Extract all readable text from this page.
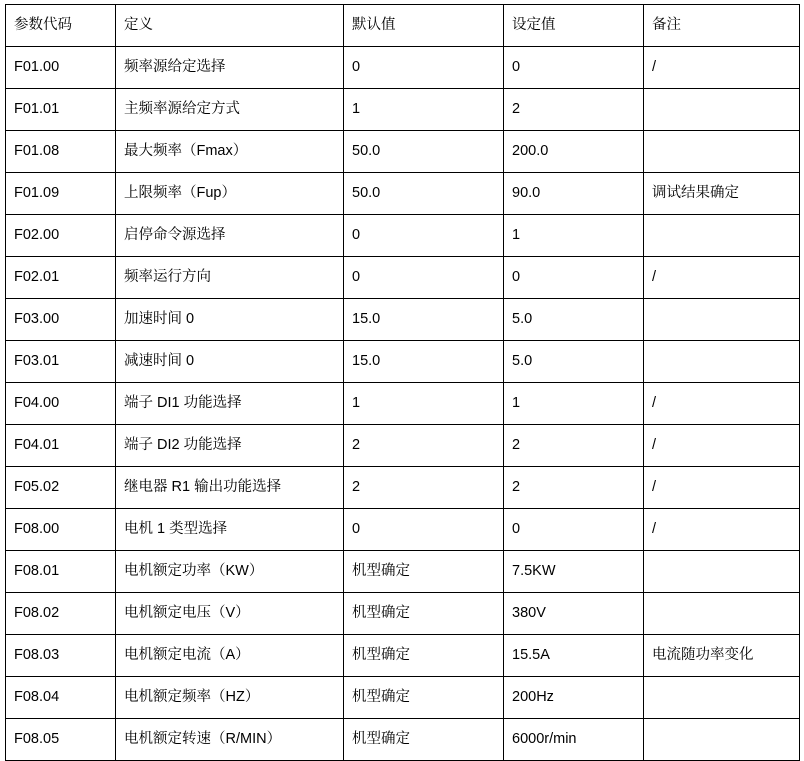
参数代码	定义	默认值	设定值	备注
F01.00	频率源给定选择	0	0	/
F01.01	主频率源给定方式	1	2	
F01.08	最大频率（Fmax）	50.0	200.0	
F01.09	上限频率（Fup）	50.0	90.0	调试结果确定
F02.00	启停命令源选择	0	1	
F02.01	频率运行方向	0	0	/
F03.00	加速时间 0	15.0	5.0	
F03.01	减速时间 0	15.0	5.0	
F04.00	端子 DI1 功能选择	1	1	/
F04.01	端子 DI2 功能选择	2	2	/
F05.02	继电器 R1 输出功能选择	2	2	/
F08.00	电机 1 类型选择	0	0	/
F08.01	电机额定功率（KW）	机型确定	7.5KW	
F08.02	电机额定电压（V）	机型确定	380V	
F08.03	电机额定电流（A）	机型确定	15.5A	电流随功率变化
F08.04	电机额定频率（HZ）	机型确定	200Hz	
F08.05	电机额定转速（R/MIN）	机型确定	6000r/min	
